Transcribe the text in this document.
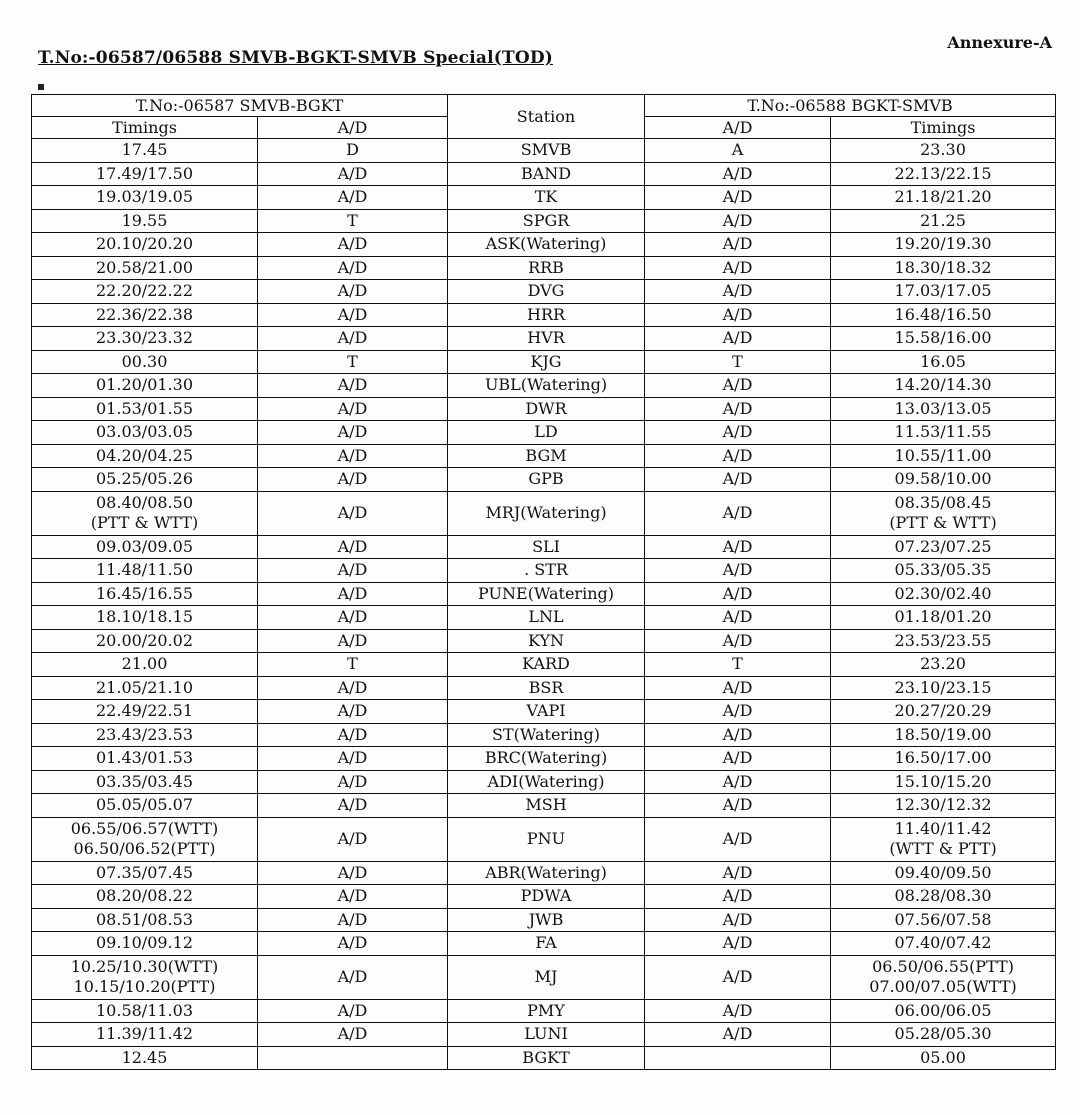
Annexure-A
T.No:-06587/06588 SMVB-BGKT-SMVB Special(TOD)
T.No:-06587 SMVB-BGKT		Station	T.No:-06588 BGKT-SMVB	
Timings	A/D		A/D	Timings

17.45	D	SMVB	A	23.30

17.49/17.50	A/D	BAND	A/D	22.13/22.15

19.03/19.05	A/D	TK	A/D	21.18/21.20

19.55	T	SPGR	A/D	21.25

20.10/20.20	A/D	ASK(Watering)	A/D	19.20/19.30

20.58/21.00	A/D	RRB	A/D	18.30/18.32

22.20/22.22	A/D	DVG	A/D	17.03/17.05

22.36/22.38	A/D	HRR	A/D	16.48/16.50

23.30/23.32	A/D	HVR	A/D	15.58/16.00

00.30	T	KJG	T	16.05

01.20/01.30	A/D	UBL(Watering)	A/D	14.20/14.30

01.53/01.55	A/D	DWR	A/D	13.03/13.05

03.03/03.05	A/D	LD	A/D	11.53/11.55

04.20/04.25	A/D	BGM	A/D	10.55/11.00

05.25/05.26	A/D	GPB	A/D	09.58/10.00

08.40/08.50
(PTT & WTT)	A/D	MRJ(Watering)	A/D	08.35/08.45
(PTT & WTT)

09.03/09.05	A/D	SLI	A/D	07.23/07.25

11.48/11.50	A/D	. STR	A/D	05.33/05.35

16.45/16.55	A/D	PUNE(Watering)	A/D	02.30/02.40

18.10/18.15	A/D	LNL	A/D	01.18/01.20

20.00/20.02	A/D	KYN	A/D	23.53/23.55

21.00	T	KARD	T	23.20

21.05/21.10	A/D	BSR	A/D	23.10/23.15

22.49/22.51	A/D	VAPI	A/D	20.27/20.29

23.43/23.53	A/D	ST(Watering)	A/D	18.50/19.00

01.43/01.53	A/D	BRC(Watering)	A/D	16.50/17.00

03.35/03.45	A/D	ADI(Watering)	A/D	15.10/15.20

05.05/05.07	A/D	MSH	A/D	12.30/12.32

06.55/06.57(WTT)
06.50/06.52(PTT)	A/D	PNU	A/D	11.40/11.42
(WTT & PTT)

07.35/07.45	A/D	ABR(Watering)	A/D	09.40/09.50

08.20/08.22	A/D	PDWA	A/D	08.28/08.30

08.51/08.53	A/D	JWB	A/D	07.56/07.58

09.10/09.12	A/D	FA	A/D	07.40/07.42

10.25/10.30(WTT)
10.15/10.20(PTT)	A/D	MJ	A/D	06.50/06.55(PTT)
07.00/07.05(WTT)

10.58/11.03	A/D	PMY	A/D	06.00/06.05

11.39/11.42	A/D	LUNI	A/D	05.28/05.30

12.45		BGKT		05.00
